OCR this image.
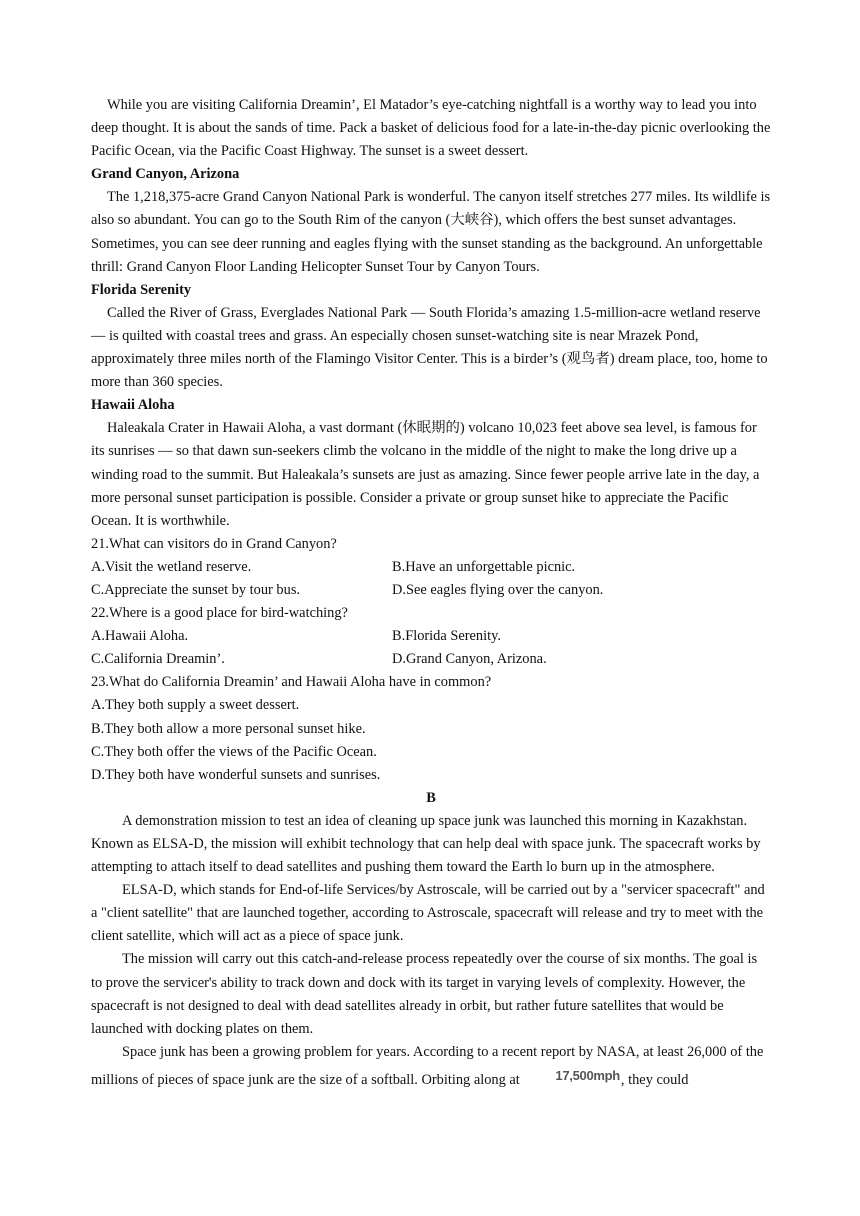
While you are visiting California Dreamin’, El Matador’s eye-catching nightfall is a worthy way to lead you into deep thought. It is about the sands of time. Pack a basket of delicious food for a late-in-the-day picnic overlooking the Pacific Ocean, via the Pacific Coast Highway. The sunset is a sweet dessert.

Grand Canyon, Arizona

The 1,218,375-acre Grand Canyon National Park is wonderful. The canyon itself stretches 277 miles. Its wildlife is also so abundant. You can go to the South Rim of the canyon (大峡谷), which offers the best sunset advantages. Sometimes, you can see deer running and eagles flying with the sunset standing as the background. An unforgettable thrill: Grand Canyon Floor Landing Helicopter Sunset Tour by Canyon Tours.

Florida Serenity

Called the River of Grass, Everglades National Park — South Florida’s amazing 1.5-million-acre wetland reserve — is quilted with coastal trees and grass. An especially chosen sunset-watching site is near Mrazek Pond, approximately three miles north of the Flamingo Visitor Center. This is a birder’s (观鸟者) dream place, too, home to more than 360 species.

Hawaii Aloha

Haleakala Crater in Hawaii Aloha, a vast dormant (休眠期的) volcano 10,023 feet above sea level, is famous for its sunrises — so that dawn sun-seekers climb the volcano in the middle of the night to make the long drive up a winding road to the summit. But Haleakala’s sunsets are just as amazing. Since fewer people arrive late in the day, a more personal sunset participation is possible. Consider a private or group sunset hike to appreciate the Pacific Ocean. It is worthwhile.

21.What can visitors do in Grand Canyon?

A.Visit the wetland reserve.	B.Have an unforgettable picnic.
C.Appreciate the sunset by tour bus.	D.See eagles flying over the canyon.

22.Where is a good place for bird-watching?

A.Hawaii Aloha.	B.Florida Serenity.
C.California Dreamin’.	D.Grand Canyon, Arizona.

23.What do California Dreamin’ and Hawaii Aloha have in common?

A.They both supply a sweet dessert.

B.They both allow a more personal sunset hike.

C.They both offer the views of the Pacific Ocean.

D.They both have wonderful sunsets and sunrises.

B

A demonstration mission to test an idea of cleaning up space junk was launched this morning in Kazakhstan. Known as ELSA-D, the mission will exhibit technology that can help deal with space junk. The spacecraft works by attempting to attach itself to dead satellites and pushing them toward the Earth lo burn up in the atmosphere.

ELSA-D, which stands for End-of-life Services/by Astroscale, will be carried out by a "servicer spacecraft" and a "client satellite" that are launched together, according to Astroscale, spacecraft will release and try to meet with the client satellite, which will act as a piece of space junk.

The mission will carry out this catch-and-release process repeatedly over the course of six months. The goal is to prove the servicer's ability to track down and dock with its target in varying levels of complexity. However, the spacecraft is not designed to deal with dead satellites already in orbit, but rather future satellites that would be launched with docking plates on them.

Space junk has been a growing problem for years. According to a recent report by NASA, at least 26,000 of the millions of pieces of space junk are the size of a softball. Orbiting along at 17,500mph, they could
